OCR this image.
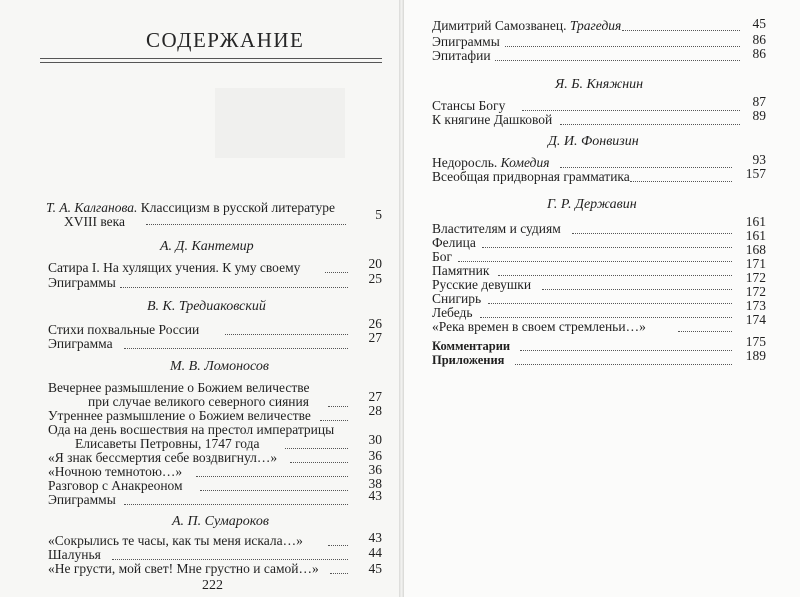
СОДЕРЖАНИЕ
Т. А. Калганова. Классицизм в русской литературе
XVIII века	5
А. Д. Кантемир
Сатира I. На хулящих учения. К уму своему	20
Эпиграммы	25
В. К. Тредиаковский
Стихи похвальные России	26
Эпиграмма	27
М. В. Ломоносов
Вечернее размышление о Божием величестве
при случае великого северного сияния	27
Утреннее размышление о Божием величестве	28
Ода на день восшествия на престол императрицы
Елисаветы Петровны, 1747 года	30
«Я знак бессмертия себе воздвигнул…»	36
«Ночною темнотою…»	36
Разговор с Анакреоном	38
Эпиграммы	43
А. П. Сумароков
«Сокрылись те часы, как ты меня искала…»	43
Шалунья	44
«Не грусти, мой свет! Мне грустно и самой…»	45
222
Димитрий Самозванец. Трагедия	45
Эпиграммы	86
Эпитафии	86
Я. Б. Княжнин
Стансы Богу	87
К княгине Дашковой	89
Д. И. Фонвизин
Недоросль. Комедия	93
Всеобщая придворная грамматика	157
Г. Р. Державин
Властителям и судиям	161
Фелица	161
Бог	168
Памятник	171
Русские девушки	172
Снигирь	172
Лебедь	173
«Река времен в своем стремленьи…»	174
Комментарии	175
Приложения	189
